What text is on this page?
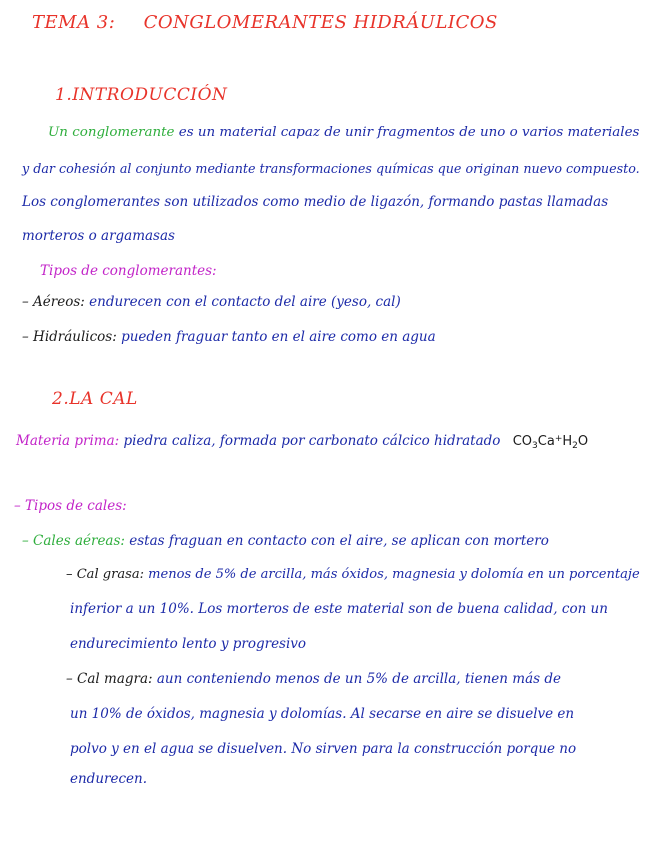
TEMA 3: CONGLOMERANTES HIDRÁULICOS
1.INTRODUCCIÓN
Un conglomerante es un material capaz de unir fragmentos de uno o varios materiales
y dar cohesión al conjunto mediante transformaciones químicas que originan nuevo compuesto.
Los conglomerantes son utilizados como medio de ligazón, formando pastas llamadas
morteros o argamasas
Tipos de conglomerantes:
– Aéreos: endurecen con el contacto del aire (yeso, cal)
– Hidráulicos: pueden fraguar tanto en el aire como en agua
2.LA CAL
Materia prima: piedra caliza, formada por carbonato cálcico hidratado $CO_3Ca^+H_2O$
– Tipos de cales:
– Cales aéreas: estas fraguan en contacto con el aire, se aplican con mortero
– Cal grasa: menos de 5% de arcilla, más óxidos, magnesia y dolomía en un porcentaje
inferior a un 10%. Los morteros de este material son de buena calidad, con un
endurecimiento lento y progresivo
– Cal magra: aun conteniendo menos de un 5% de arcilla, tienen más de
un 10% de óxidos, magnesia y dolomías. Al secarse en aire se disuelve en
polvo y en el agua se disuelven. No sirven para la construcción porque no
endurecen.
